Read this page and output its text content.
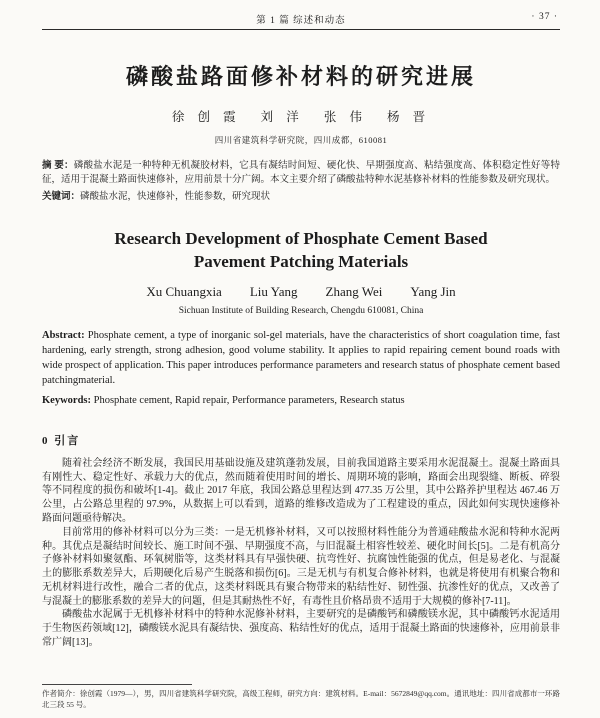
第 1 篇 综述和动态	· 37 ·
磷酸盐路面修补材料的研究进展
徐 创 霞 刘 洋 张 伟 杨 晋
四川省建筑科学研究院，四川成都，610081

摘 要：磷酸盐水泥是一种特种无机凝胶材料，它具有凝结时间短、硬化快、早期强度高、粘结强度高、体积稳定性好等特征，适用于混凝土路面快速修补，应用前景十分广阔。本文主要介绍了磷酸盐特种水泥基修补材料的性能参数及研究现状。

关键词：磷酸盐水泥，快速修补，性能参数，研究现状

Research Development of Phosphate Cement Based Pavement Patching Materials
Xu Chuangxia Liu Yang Zhang Wei Yang Jin
Sichuan Institute of Building Research, Chengdu 610081, China

Abstract: Phosphate cement, a type of inorganic sol-gel materials, have the characteristics of short coagulation time, fast hardening, early strength, strong adhesion, good volume stability. It applies to rapid repairing cement bound roads with wide prospect of application. This paper introduces performance parameters and research status of phosphate cement based patchingmaterial.

Keywords: Phosphate cement, Rapid repair, Performance parameters, Research status

0 引言

随着社会经济不断发展，我国民用基础设施及建筑蓬勃发展，目前我国道路主要采用水泥混凝土。混凝土路面具有刚性大、稳定性好、承载力大的优点，然而随着使用时间的增长、周期环境的影响，路面会出现裂缝、断板、碎裂等不同程度的损伤和破坏[1-4]。截止 2017 年底，我国公路总里程达到 477.35 万公里，其中公路养护里程达 467.46 万公里，占公路总里程的 97.9%，从数据上可以看到，道路的维修改造成为了工程建设的重点，因此如何实现快速修补路面问题亟待解决。

目前常用的修补材料可以分为三类：一是无机修补材料，又可以按照材料性能分为普通硅酸盐水泥和特种水泥两种。其优点是凝结时间较长、施工时间不强、早期强度不高，与旧混凝土相容性较差、硬化时间长[5]。二是有机高分子修补材料如聚氨酯、环氧树脂等，这类材料具有早强快硬、抗弯性好、抗腐蚀性能强的优点，但是易老化、与混凝土的膨胀系数差异大，后期硬化后易产生脱落和损伤[6]。三是无机与有机复合修补材料，也就是将使用有机聚合物和无机材料进行改性，融合二者的优点，这类材料既具有聚合物带来的粘结性好、韧性强、抗渗性好的优点，又改善了与混凝土的膨胀系数的差异大的问题，但是其耐热性不好，有毒性且价格昂贵不适用于大规模的修补[7-11]。

磷酸盐水泥属于无机修补材料中的特种水泥修补材料，主要研究的是磷酸钙和磷酸镁水泥，其中磷酸钙水泥适用于生物医药领域[12]，磷酸镁水泥具有凝结快、强度高、粘结性好的优点，适用于混凝土路面的快速修补，应用前景非常广阔[13]。

作者简介：徐创霞（1979—），男，四川省建筑科学研究院，高级工程师，研究方向：建筑材料。E-mail：5672849@qq.com。通讯地址：四川省成都市一环路北三段 55 号。
